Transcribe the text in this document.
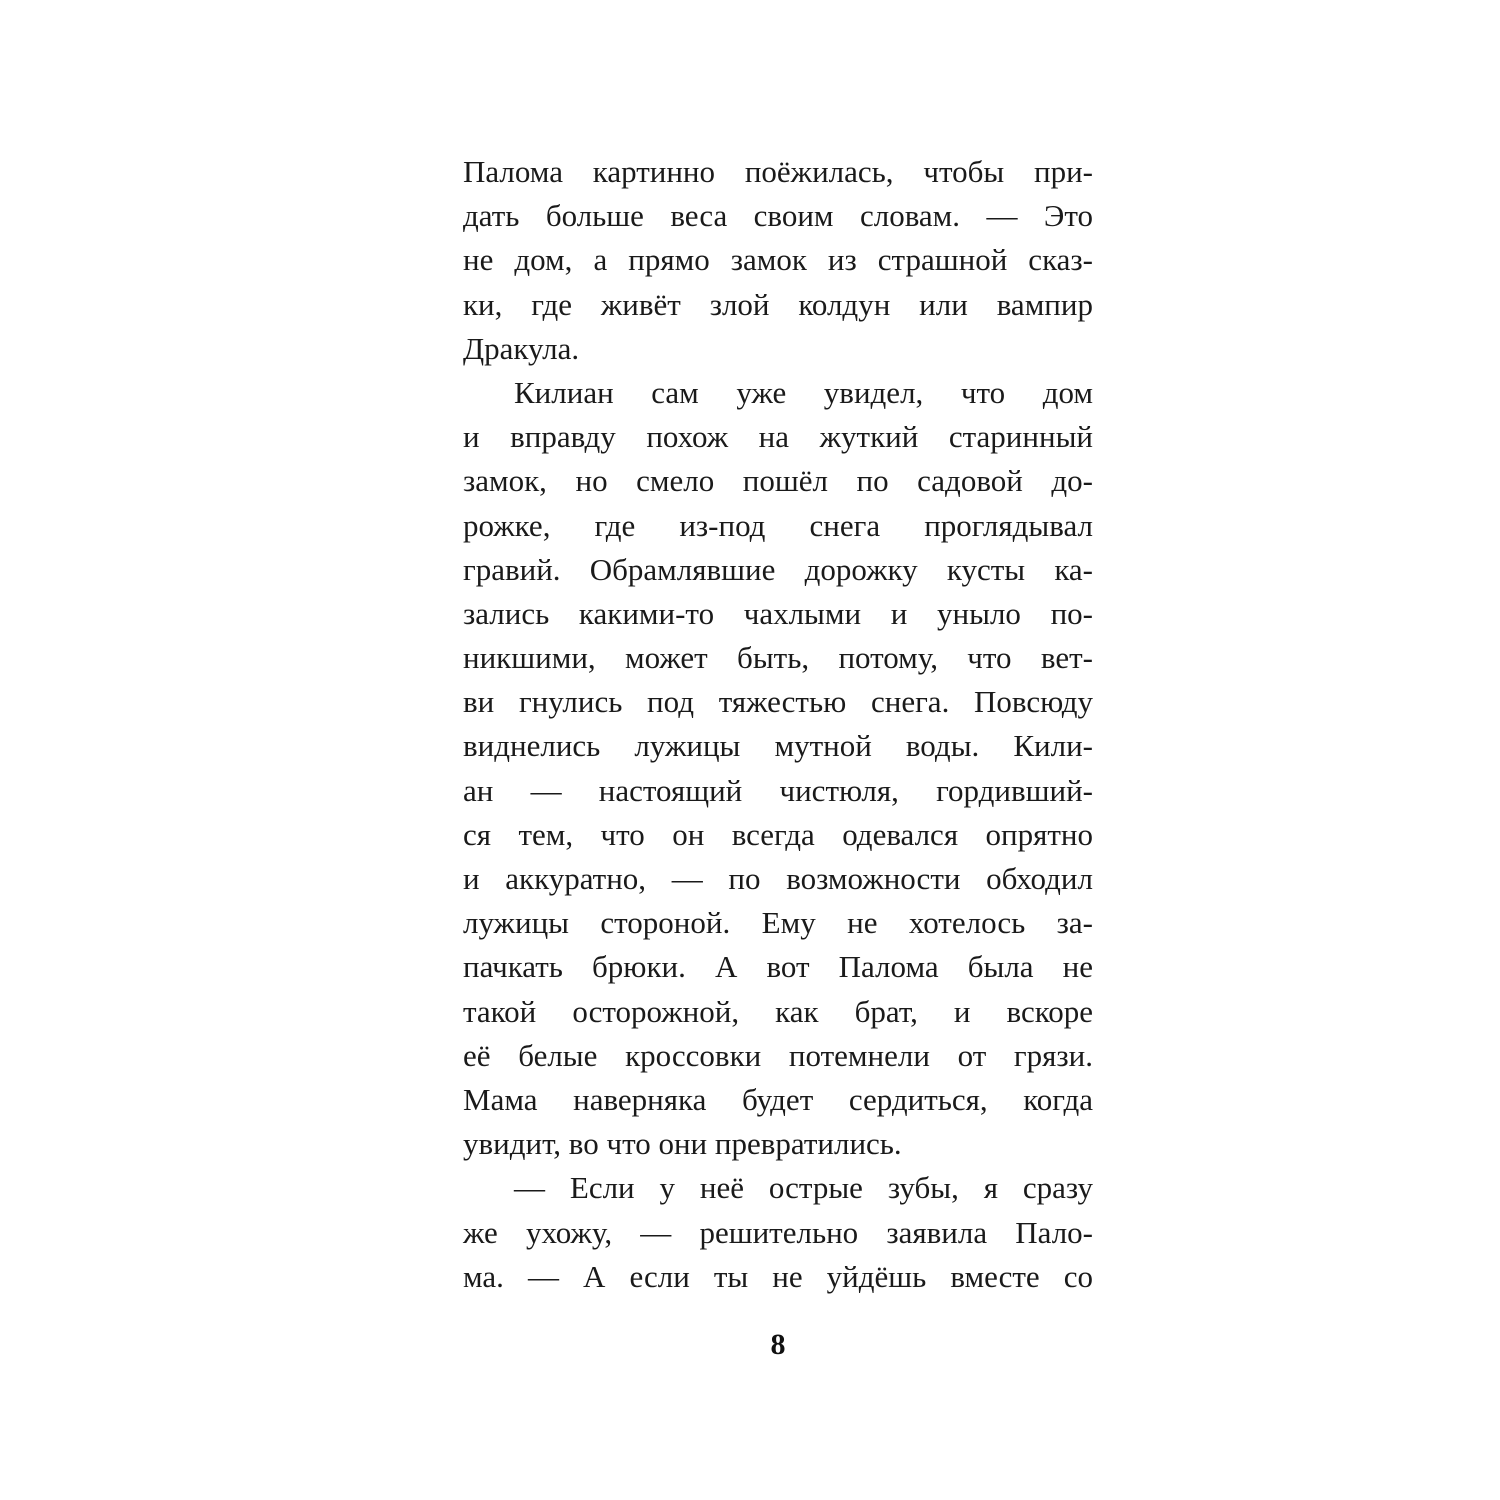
Палома картинно поёжилась, чтобы при-
дать больше веса своим словам. — Это
не дом, а прямо замок из страшной сказ-
ки, где живёт злой колдун или вампир
Дракула.
Килиан сам уже увидел, что дом
и вправду похож на жуткий старинный
замок, но смело пошёл по садовой до-
рожке, где из-под снега проглядывал
гравий. Обрамлявшие дорожку кусты ка-
зались какими-то чахлыми и уныло по-
никшими, может быть, потому, что вет-
ви гнулись под тяжестью снега. Повсюду
виднелись лужицы мутной воды. Кили-
ан — настоящий чистюля, гордивший-
ся тем, что он всегда одевался опрятно
и аккуратно, — по возможности обходил
лужицы стороной. Ему не хотелось за-
пачкать брюки. А вот Палома была не
такой осторожной, как брат, и вскоре
её белые кроссовки потемнели от грязи.
Мама наверняка будет сердиться, когда
увидит, во что они превратились.
— Если у неё острые зубы, я сразу
же ухожу, — решительно заявила Пало-
ма. — А если ты не уйдёшь вместе со
8
